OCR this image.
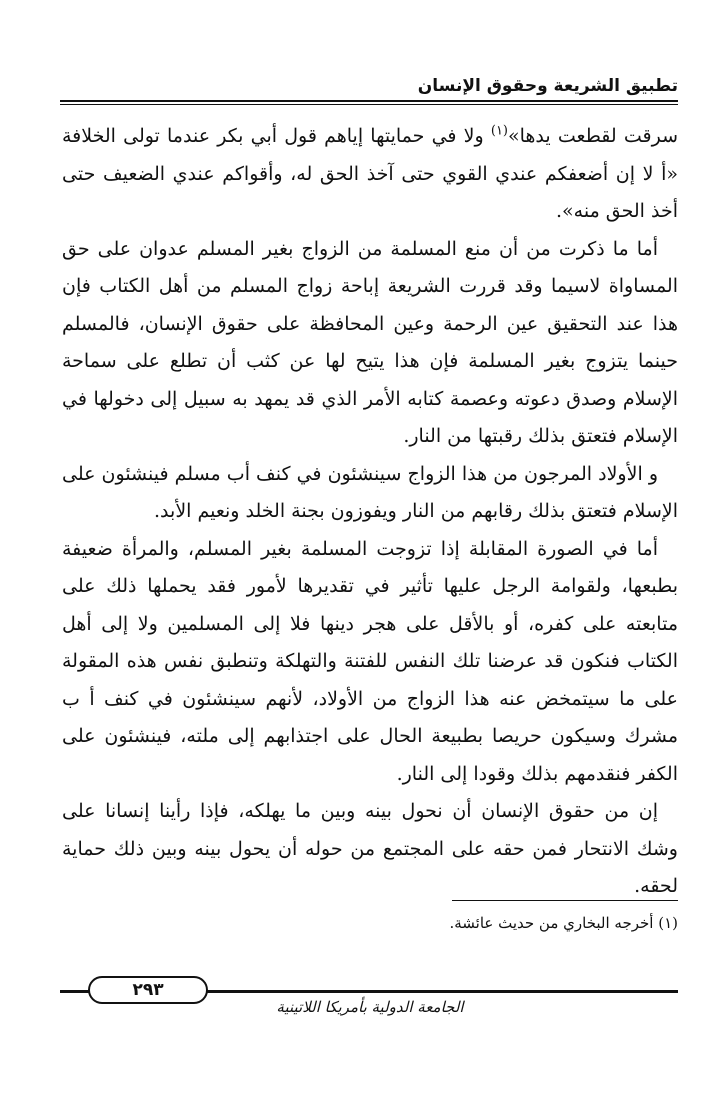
تطبيق الشريعة وحقوق الإنسان

سرقت لقطعت يدها»$^{(١)}$ ولا في حمايتها إياهم قول أبي بكر عندما تولى الخلافة «أ لا إن أضعفكم عندي القوي حتى آخذ الحق له، وأقواكم عندي الضعيف حتى أخذ الحق منه».

أما ما ذكرت من أن منع المسلمة من الزواج بغير المسلم عدوان على حق المساواة لاسيما وقد قررت الشريعة إباحة زواج المسلم من أهل الكتاب فإن هذا عند التحقيق عين الرحمة وعين المحافظة على حقوق الإنسان، فالمسلم حينما يتزوج بغير المسلمة فإن هذا يتيح لها عن كثب أن تطلع على سماحة الإسلام وصدق دعوته وعصمة كتابه الأمر الذي قد يمهد به سبيل إلى دخولها في الإسلام فتعتق بذلك رقبتها من النار.

و الأولاد المرجون من هذا الزواج سينشئون في كنف أب مسلم فينشئون على الإسلام فتعتق بذلك رقابهم من النار ويفوزون بجنة الخلد ونعيم الأبد.

أما في الصورة المقابلة إذا تزوجت المسلمة بغير المسلم، والمرأة ضعيفة بطبعها، ولقوامة الرجل عليها تأثير في تقديرها لأمور فقد يحملها ذلك على متابعته على كفره، أو بالأقل على هجر دينها فلا إلى المسلمين ولا إلى أهل الكتاب فنكون قد عرضنا تلك النفس للفتنة والتهلكة وتنطبق نفس هذه المقولة على ما سيتمخض عنه هذا الزواج من الأولاد، لأنهم سينشئون في كنف أ ب مشرك وسيكون حريصا بطبيعة الحال على اجتذابهم إلى ملته، فينشئون على الكفر فنقدمهم بذلك وقودا إلى النار.

إن من حقوق الإنسان أن نحول بينه وبين ما يهلكه، فإذا رأينا إنسانا على وشك الانتحار فمن حقه على المجتمع من حوله أن يحول بينه وبين ذلك حماية لحقه.

(١) أخرجه البخاري من حديث عائشة.
٢٩٣
الجامعة الدولية بأمريكا اللاتينية
